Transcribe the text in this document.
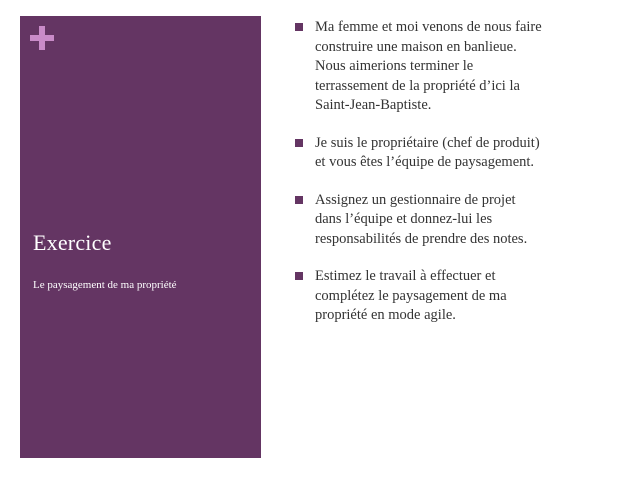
Exercice

Le paysagement de ma propriété

Ma femme et moi venons de nous faire
construire une maison en banlieue.
Nous aimerions terminer le
terrassement de la propriété d’ici la
Saint-Jean-Baptiste.
Je suis le propriétaire (chef de produit)
et vous êtes l’équipe de paysagement.
Assignez un gestionnaire de projet
dans l’équipe et donnez-lui les
responsabilités de prendre des notes.
Estimez le travail à effectuer et
complétez le paysagement de ma
propriété en mode agile.
